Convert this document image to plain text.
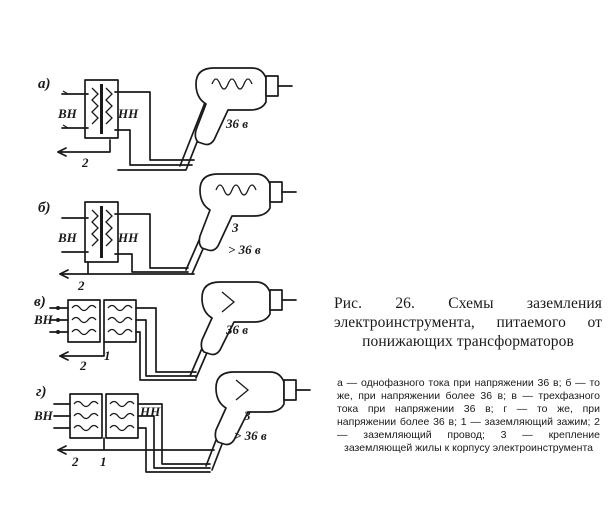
а)
ВН	НН
2
36 в
б)
ВН	НН
2
3
> 36 в
в)
ВН
2
1
36 в
г)
ВН	НН
2 1
3
> 36 в
Рис. 26. Схемы заземления электроинструмента, питаемого от понижающих трансформаторов
а — однофазного тока при напряжении 36 в; б — то же, при напряжении более 36 в; в — трехфазного тока при напряжении 36 в; г — то же, при напряжении более 36 в; 1 — заземляющий зажим; 2 — заземляющий провод; 3 — крепление заземляющей жилы к корпусу электроинструмента
